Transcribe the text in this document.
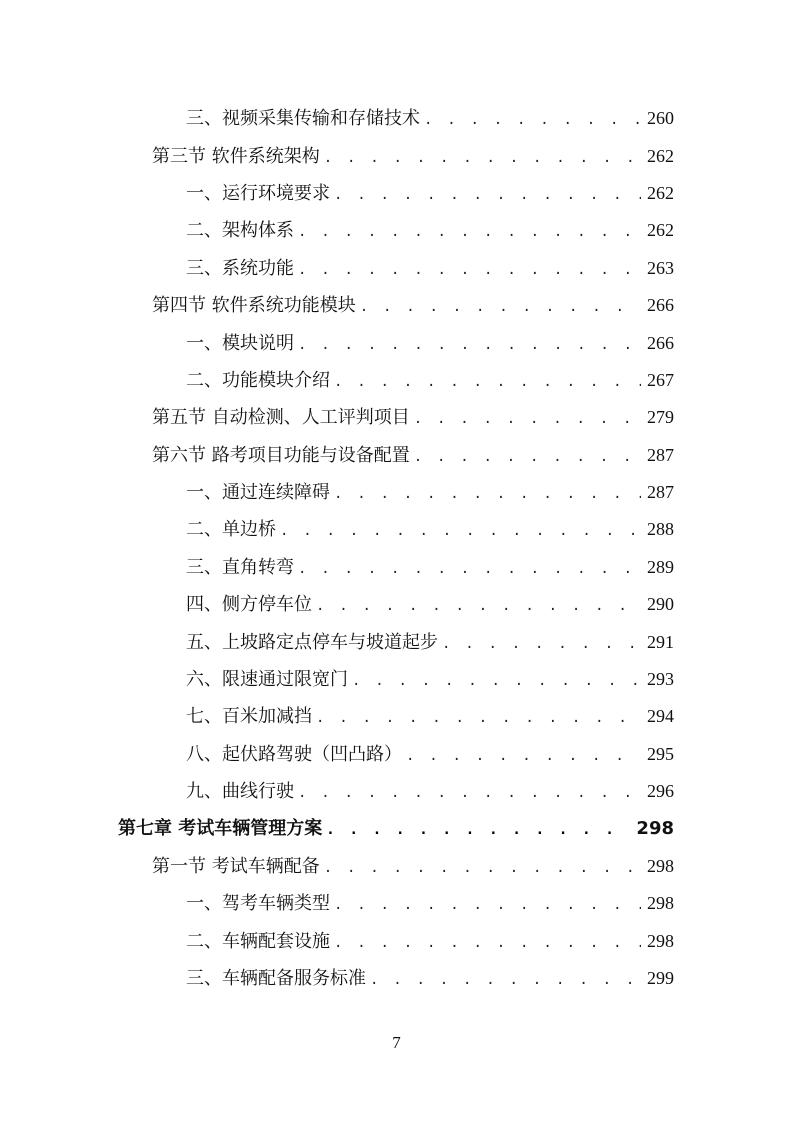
三、视频采集传输和存储技术 . . .	260
第三节 软件系统架构 . . .	262
一、运行环境要求 . . .	262
二、架构体系 . . .	262
三、系统功能 . . .	263
第四节 软件系统功能模块 . . .	266
一、模块说明 . . .	266
二、功能模块介绍 . . .	267
第五节 自动检测、人工评判项目 . . .	279
第六节 路考项目功能与设备配置 . . .	287
一、通过连续障碍 . . .	287
二、单边桥 . . .	288
三、直角转弯 . . .	289
四、侧方停车位 . . .	290
五、上坡路定点停车与坡道起步 . . .	291
六、限速通过限宽门 . . .	293
七、百米加减挡 . . .	294
八、起伏路驾驶（凹凸路） . . .	295
九、曲线行驶 . . .	296
第七章 考试车辆管理方案 . . .	298
第一节 考试车辆配备 . . .	298
一、驾考车辆类型 . . .	298
二、车辆配套设施 . . .	298
三、车辆配备服务标准 . . .	299
7
